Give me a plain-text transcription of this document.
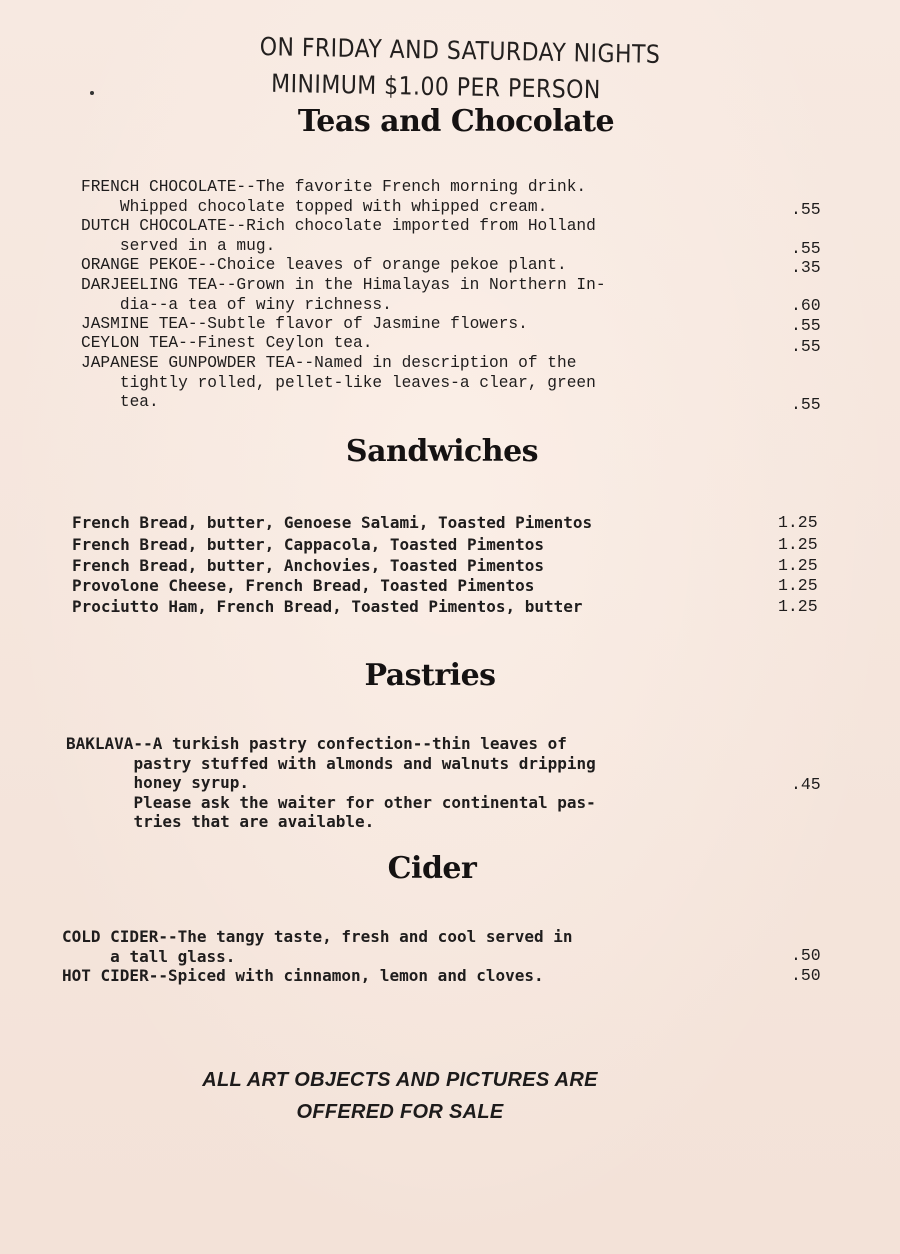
ON FRIDAY AND SATURDAY NIGHTS
MINIMUM $1.00 PER PERSON
Teas and Chocolate
FRENCH CHOCOLATE--The favorite French morning drink.
Whipped chocolate topped with whipped cream.	.55
DUTCH CHOCOLATE--Rich chocolate imported from Holland
served in a mug.	.55
ORANGE PEKOE--Choice leaves of orange pekoe plant.	.35
DARJEELING TEA--Grown in the Himalayas in Northern In-
dia--a tea of winy richness.	.60
JASMINE TEA--Subtle flavor of Jasmine flowers.	.55
CEYLON TEA--Finest Ceylon tea.	.55
JAPANESE GUNPOWDER TEA--Named in description of the
tightly rolled, pellet-like leaves-a clear, green
tea.	.55
Sandwiches
French Bread, butter, Genoese Salami, Toasted Pimentos	1.25
French Bread, butter, Cappacola, Toasted Pimentos	1.25
French Bread, butter, Anchovies, Toasted Pimentos	1.25
Provolone Cheese, French Bread, Toasted Pimentos	1.25
Prociutto Ham, French Bread, Toasted Pimentos, butter	1.25
Pastries
BAKLAVA--A turkish pastry confection--thin leaves of
pastry stuffed with almonds and walnuts dripping
honey syrup.
Please ask the waiter for other continental pas-
tries that are available.
.45
Cider
COLD CIDER--The tangy taste, fresh and cool served in
a tall glass.	.50
HOT CIDER--Spiced with cinnamon, lemon and cloves.	.50
ALL ART OBJECTS AND PICTURES ARE
OFFERED FOR SALE
